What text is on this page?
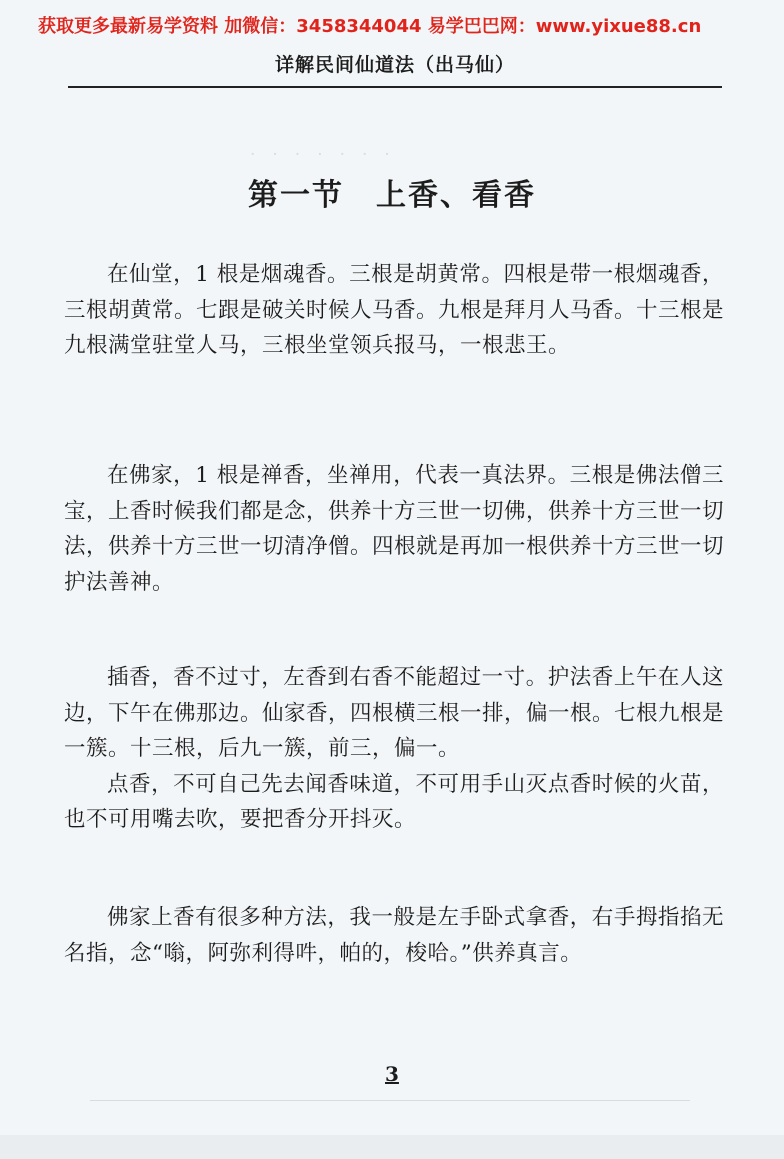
·　·　·　·　·　·　·
获取更多最新易学资料 加微信：3458344044 易学巴巴网：www.yixue88.cn
详解民间仙道法（出马仙）
第一节　上香、看香

在仙堂，1 根是烟魂香。三根是胡黄常。四根是带一根烟魂香，三根胡黄常。七跟是破关时候人马香。九根是拜月人马香。十三根是九根满堂驻堂人马，三根坐堂领兵报马，一根悲王。

在佛家，1 根是禅香，坐禅用，代表一真法界。三根是佛法僧三宝，上香时候我们都是念，供养十方三世一切佛，供养十方三世一切法，供养十方三世一切清净僧。四根就是再加一根供养十方三世一切护法善神。

插香，香不过寸，左香到右香不能超过一寸。护法香上午在人这边，下午在佛那边。仙家香，四根横三根一排，偏一根。七根九根是一簇。十三根，后九一簇，前三，偏一。

点香，不可自己先去闻香味道，不可用手山灭点香时候的火苗，也不可用嘴去吹，要把香分开抖灭。

佛家上香有很多种方法，我一般是左手卧式拿香，右手拇指掐无名指，念“嗡，阿弥利得吽，帕的，梭哈。”供养真言。

3
